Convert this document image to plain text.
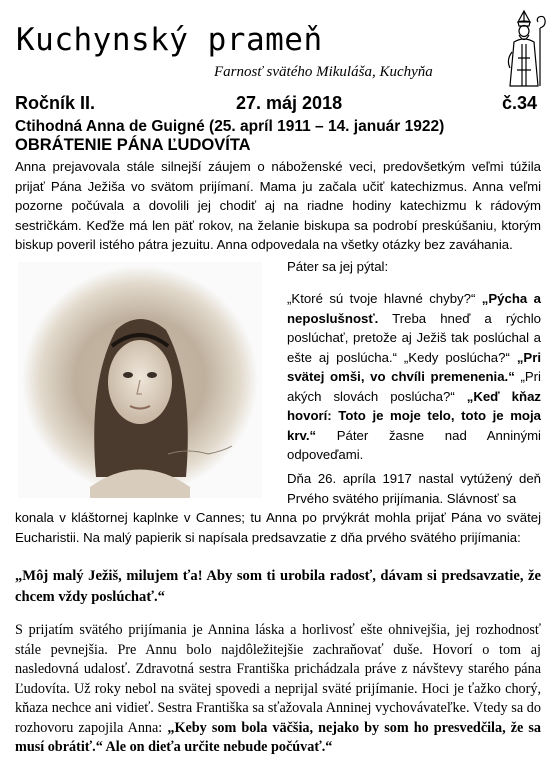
Kuchynský prameň
Farnosť svätého Mikuláša, Kuchyňa
Ročník II.	27. máj 2018	č.34
Ctihodná Anna de Guigné (25. apríl 1911 – 14. január 1922)
OBRÁTENIE PÁNA ĽUDOVÍTA
Anna prejavovala stále silnejší záujem o náboženské veci, predovšetkým veľmi túžila prijať Pána Ježiša vo svätom prijímaní. Mama ju začala učiť katechizmus. Anna veľmi pozorne počúvala a dovolili jej chodiť aj na riadne hodiny katechizmu k rádovým sestričkám. Keďže má len päť rokov, na želanie biskupa sa podrobí preskúšaniu, ktorým biskup poveril istého pátra jezuitu. Anna odpovedala na všetky otázky bez zaváhania.
Páter sa jej pýtal:
„Ktoré sú tvoje hlavné chyby?“ „Pýcha a neposlušnosť. Treba hneď a rýchlo poslúchať, pretože aj Ježiš tak poslúchal a ešte aj poslúcha.“ „Kedy poslúcha?“ „Pri svätej omši, vo chvíli premenenia.“ „Pri akých slovách poslúcha?“ „Keď kňaz hovorí: Toto je moje telo, toto je moja krv.“ Páter žasne nad Anninými odpoveďami.
Dňa 26. apríla 1917 nastal vytúžený deň Prvého svätého prijímania. Slávnosť sa
konala v kláštornej kaplnke v Cannes; tu Anna po prvýkrát mohla prijať Pána vo svätej Eucharistii. Na malý papierik si napísala predsavzatie z dňa prvého svätého prijímania:
„Môj malý Ježiš, milujem ťa! Aby som ti urobila radosť, dávam si predsavzatie, že chcem vždy poslúchať.“
S prijatím svätého prijímania je Annina láska a horlivosť ešte ohnivejšia, jej rozhodnosť stále pevnejšia. Pre Annu bolo najdôležitejšie zachraňovať duše. Hovorí o tom aj nasledovná udalosť. Zdravotná sestra Františka prichádzala práve z návštevy starého pána Ľudovíta. Už roky nebol na svätej spovedi a neprijal sväté prijímanie. Hoci je ťažko chorý, kňaza nechce ani vidieť. Sestra Františka sa sťažovala Anninej vychovávateľke. Vtedy sa do rozhovoru zapojila Anna: „Keby som bola väčšia, nejako by som ho presvedčila, že sa musí obrátiť.“ Ale on dieťa určite nebude počúvať.“
